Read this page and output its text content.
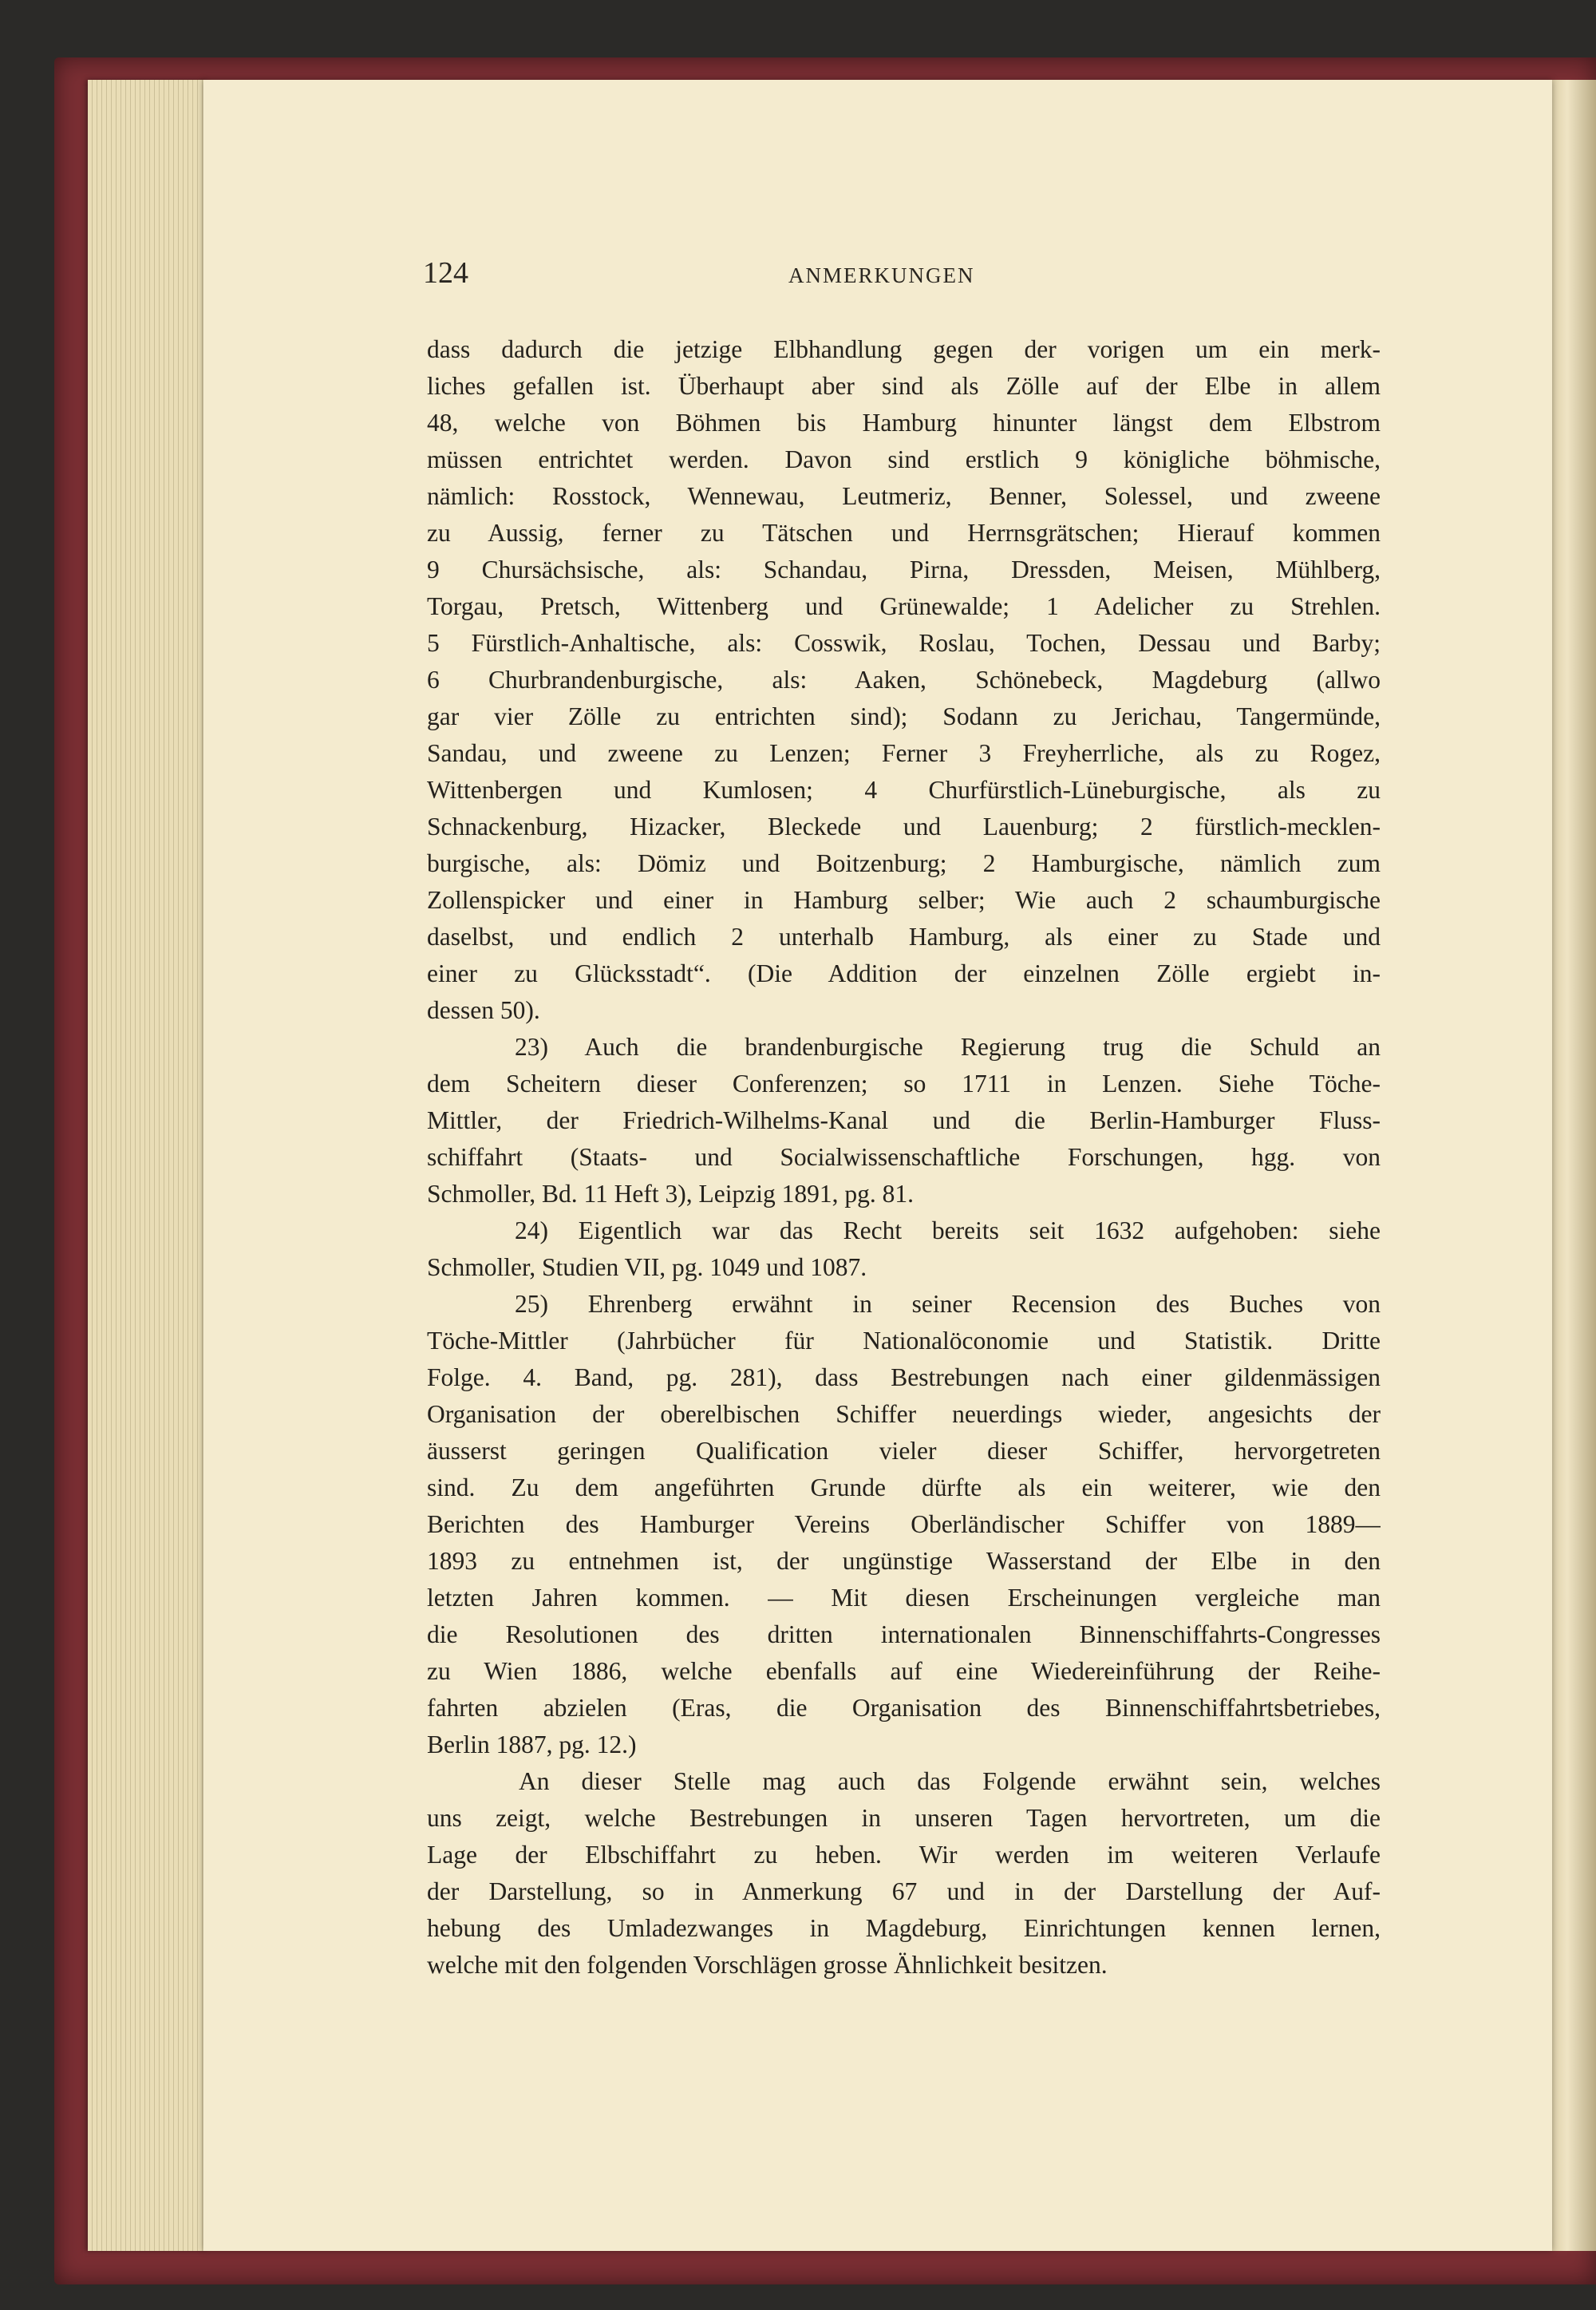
124	ANMERKUNGEN
dass dadurch die jetzige Elbhandlung gegen der vorigen um ein merk-
liches gefallen ist. Überhaupt aber sind als Zölle auf der Elbe in allem
48, welche von Böhmen bis Hamburg hinunter längst dem Elbstrom
müssen entrichtet werden. Davon sind erstlich 9 königliche böhmische,
nämlich: Rosstock, Wennewau, Leutmeriz, Benner, Solessel, und zweene
zu Aussig, ferner zu Tätschen und Herrnsgrätschen; Hierauf kommen
9 Chursächsische, als: Schandau, Pirna, Dressden, Meisen, Mühlberg,
Torgau, Pretsch, Wittenberg und Grünewalde; 1 Adelicher zu Strehlen.
5 Fürstlich-Anhaltische, als: Cosswik, Roslau, Tochen, Dessau und Barby;
6 Churbrandenburgische, als: Aaken, Schönebeck, Magdeburg (allwo
gar vier Zölle zu entrichten sind); Sodann zu Jerichau, Tangermünde,
Sandau, und zweene zu Lenzen; Ferner 3 Freyherrliche, als zu Rogez,
Wittenbergen und Kumlosen; 4 Churfürstlich-Lüneburgische, als zu
Schnackenburg, Hizacker, Bleckede und Lauenburg; 2 fürstlich-mecklen-
burgische, als: Dömiz und Boitzenburg; 2 Hamburgische, nämlich zum
Zollenspicker und einer in Hamburg selber; Wie auch 2 schaumburgische
daselbst, und endlich 2 unterhalb Hamburg, als einer zu Stade und
einer zu Glücksstadt“. (Die Addition der einzelnen Zölle ergiebt in-
dessen 50).
23) Auch die brandenburgische Regierung trug die Schuld an
dem Scheitern dieser Conferenzen; so 1711 in Lenzen. Siehe Töche-
Mittler, der Friedrich-Wilhelms-Kanal und die Berlin-Hamburger Fluss-
schiffahrt (Staats- und Socialwissenschaftliche Forschungen, hgg. von
Schmoller, Bd. 11 Heft 3), Leipzig 1891, pg. 81.
24) Eigentlich war das Recht bereits seit 1632 aufgehoben: siehe
Schmoller, Studien VII, pg. 1049 und 1087.
25) Ehrenberg erwähnt in seiner Recension des Buches von
Töche-Mittler (Jahrbücher für Nationalöconomie und Statistik. Dritte
Folge. 4. Band, pg. 281), dass Bestrebungen nach einer gildenmässigen
Organisation der oberelbischen Schiffer neuerdings wieder, angesichts der
äusserst geringen Qualification vieler dieser Schiffer, hervorgetreten
sind. Zu dem angeführten Grunde dürfte als ein weiterer, wie den
Berichten des Hamburger Vereins Oberländischer Schiffer von 1889—
1893 zu entnehmen ist, der ungünstige Wasserstand der Elbe in den
letzten Jahren kommen. — Mit diesen Erscheinungen vergleiche man
die Resolutionen des dritten internationalen Binnenschiffahrts-Congresses
zu Wien 1886, welche ebenfalls auf eine Wiedereinführung der Reihe-
fahrten abzielen (Eras, die Organisation des Binnenschiffahrtsbetriebes,
Berlin 1887, pg. 12.)
An dieser Stelle mag auch das Folgende erwähnt sein, welches
uns zeigt, welche Bestrebungen in unseren Tagen hervortreten, um die
Lage der Elbschiffahrt zu heben. Wir werden im weiteren Verlaufe
der Darstellung, so in Anmerkung 67 und in der Darstellung der Auf-
hebung des Umladezwanges in Magdeburg, Einrichtungen kennen lernen,
welche mit den folgenden Vorschlägen grosse Ähnlichkeit besitzen.
